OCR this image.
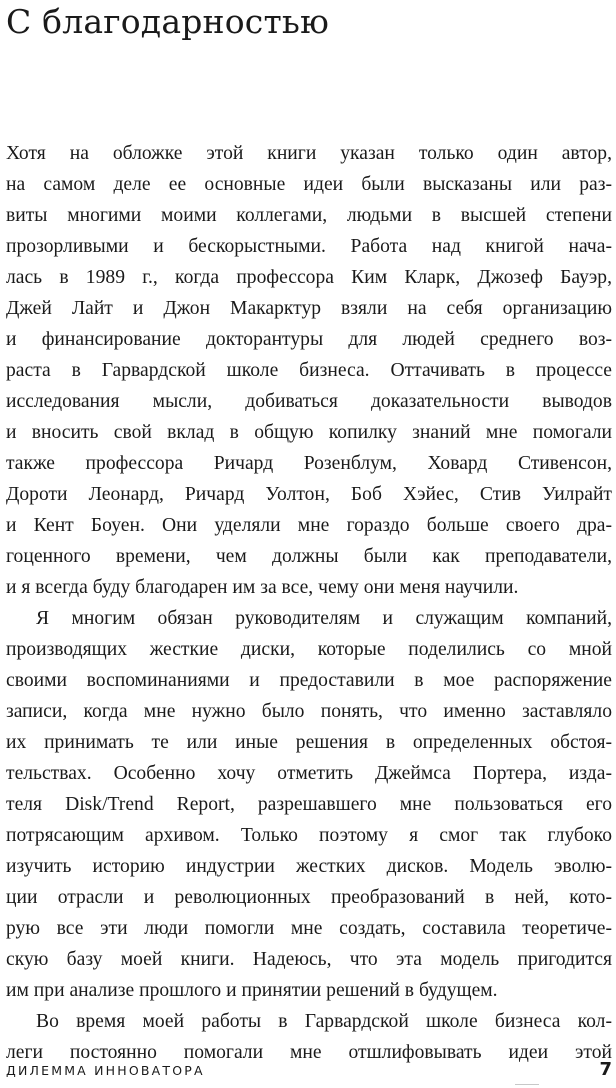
С благодарностью
Хотя на обложке этой книги указан только один автор,
на самом деле ее основные идеи были высказаны или раз-
виты многими моими коллегами, людьми в высшей степени
прозорливыми и бескорыстными. Работа над книгой нача-
лась в 1989 г., когда профессора Ким Кларк, Джозеф Бауэр,
Джей Лайт и Джон Макарктур взяли на себя организацию
и финансирование докторантуры для людей среднего воз-
раста в Гарвардской школе бизнеса. Оттачивать в процессе
исследования мысли, добиваться доказательности выводов
и вносить свой вклад в общую копилку знаний мне помогали
также профессора Ричард Розенблум, Ховард Стивенсон,
Дороти Леонард, Ричард Уолтон, Боб Хэйес, Стив Уилрайт
и Кент Боуен. Они уделяли мне гораздо больше своего дра-
гоценного времени, чем должны были как преподаватели,
и я всегда буду благодарен им за все, чему они меня научили.
Я многим обязан руководителям и служащим компаний,
производящих жесткие диски, которые поделились со мной
своими воспоминаниями и предоставили в мое распоряжение
записи, когда мне нужно было понять, что именно заставляло
их принимать те или иные решения в определенных обстоя-
тельствах. Особенно хочу отметить Джеймса Портера, изда-
теля Disk/Trend Report, разрешавшего мне пользоваться его
потрясающим архивом. Только поэтому я смог так глубоко
изучить историю индустрии жестких дисков. Модель эволю-
ции отрасли и революционных преобразований в ней, кото-
рую все эти люди помогли мне создать, составила теоретиче-
скую базу моей книги. Надеюсь, что эта модель пригодится
им при анализе прошлого и принятии решений в будущем.
Во время моей работы в Гарвардской школе бизнеса кол-
леги постоянно помогали мне отшлифовывать идеи этой
ДИЛЕММА ИННОВАТОРА	7
